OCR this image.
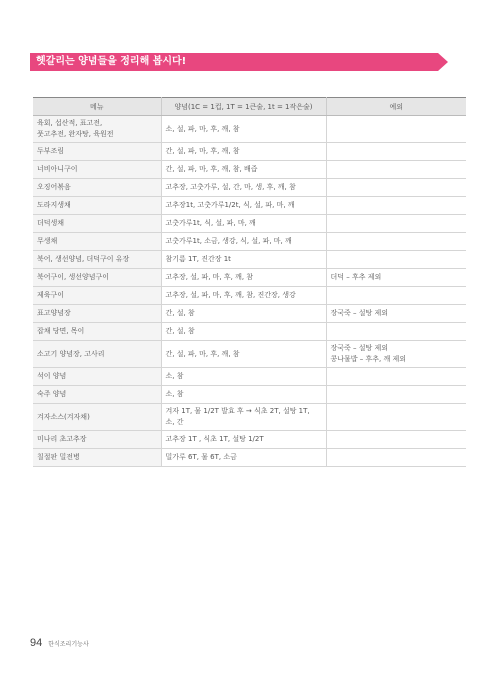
헷갈리는 양념들을 정리해 봅시다!
메뉴	양념(1C = 1컵, 1T = 1큰술, 1t = 1작은술)	예외

육회, 섭산적, 표고전,
풋고추전, 완자탕, 육원전	소, 설, 파, 마, 후, 깨, 참	

두부조림	간, 설, 파, 마, 후, 깨, 참	

너비아니구이	간, 설, 파, 마, 후, 깨, 참, 배즙	

오징어볶음	고추장, 고춧가루, 설, 간, 마, 생, 후, 깨, 참	

도라지생채	고추장1t, 고춧가루1/2t, 식, 설, 파, 마, 깨	

더덕생채	고춧가루1t, 식, 설, 파, 마, 깨	

무생채	고춧가루1t, 소금, 생강, 식, 설, 파, 마, 깨	

북어, 생선양념, 더덕구이 유장	참기름 1T, 진간장 1t	

북어구이, 생선양념구이	고추장, 설, 파, 마, 후, 깨, 참	더덕 – 후추 제외

제육구이	고추장, 설, 파, 마, 후, 깨, 참, 진간장, 생강	

표고양념장	간, 설, 참	장국죽 – 설탕 제외

잡채 당면, 목이	간, 설, 참	

소고기 양념장, 고사리	간, 설, 파, 마, 후, 깨, 참	장국죽 – 설탕 제외
콩나물밥 – 후추, 깨 제외

석이 양념	소, 참	

숙주 양념	소, 참	

겨자소스(겨자채)	겨자 1T, 물 1/2T 발효 후 → 식초 2T, 설탕 1T,
소, 간	

미나리 초고추장	고추장 1T , 식초 1T, 설탕 1/2T	

칠절판 밀전병	밀가루 6T, 물 6T, 소금	

94 한식조리기능사
